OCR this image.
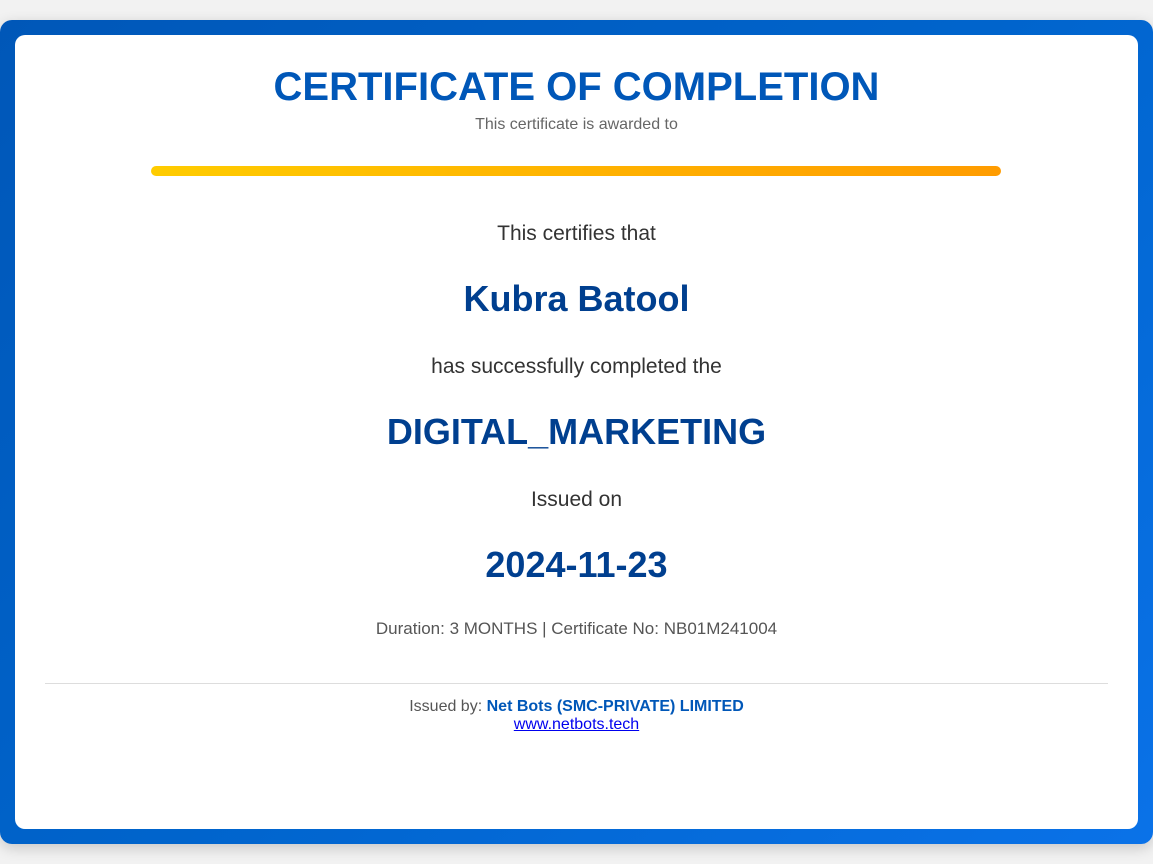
CERTIFICATE OF COMPLETION
This certificate is awarded to
This certifies that
Kubra Batool
has successfully completed the
DIGITAL_MARKETING
Issued on
2024-11-23
Duration: 3 MONTHS | Certificate No: NB01M241004
Issued by: Net Bots (SMC-PRIVATE) LIMITED
www.netbots.tech
